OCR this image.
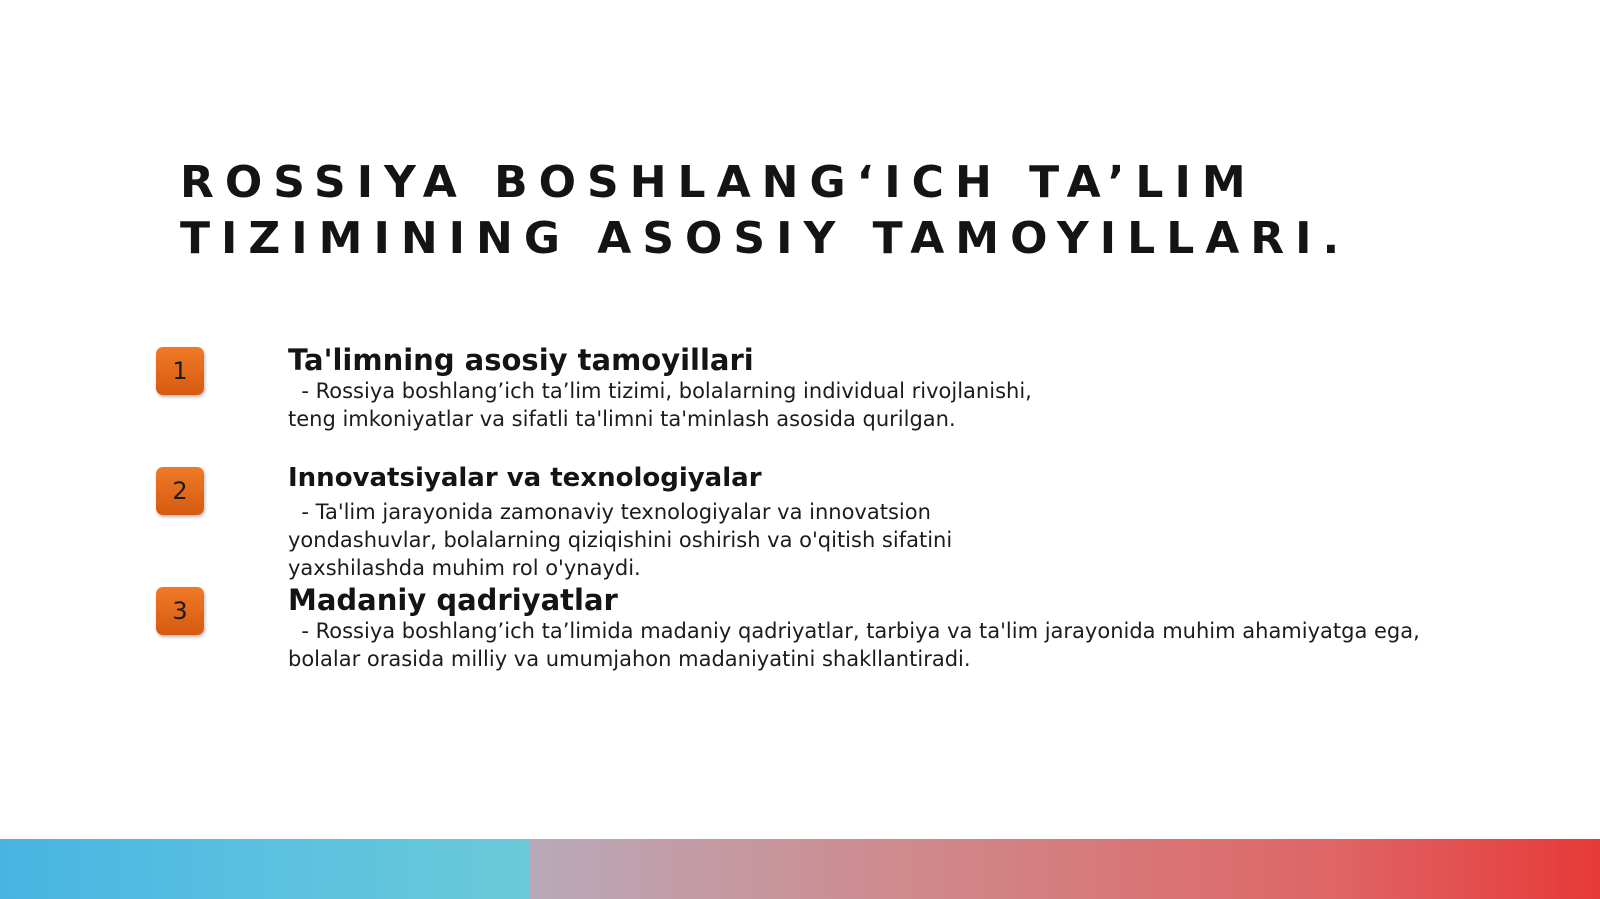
ROSSIYA BOSHLANG‘ICH TA’LIM
TIZIMINING ASOSIY TAMOYILLARI.
1	Ta'limning asosiy tamoyillari

- Rossiya boshlang’ich ta’lim tizimi, bolalarning individual rivojlanishi,
teng imkoniyatlar va sifatli ta'limni ta'minlash asosida qurilgan.

2	Innovatsiyalar va texnologiyalar

- Ta'lim jarayonida zamonaviy texnologiyalar va innovatsion
yondashuvlar, bolalarning qiziqishini oshirish va o'qitish sifatini
yaxshilashda muhim rol o'ynaydi.

3	Madaniy qadriyatlar

- Rossiya boshlang’ich ta’limida madaniy qadriyatlar, tarbiya va ta'lim jarayonida muhim ahamiyatga ega,
bolalar orasida milliy va umumjahon madaniyatini shakllantiradi.
